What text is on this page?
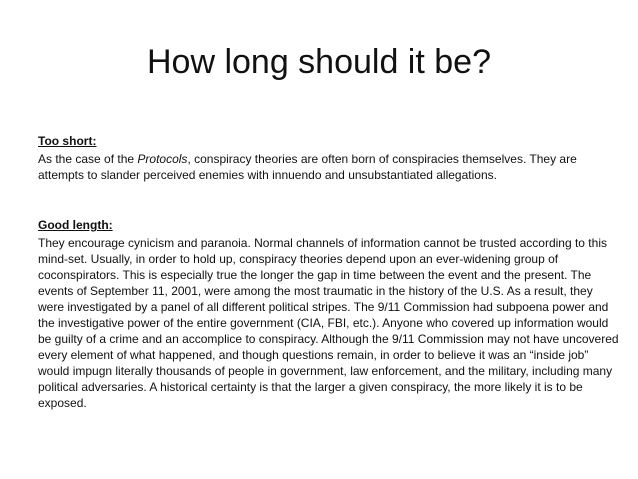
How long should it be?

Too short:

As the case of the Protocols, conspiracy theories are often born of conspiracies themselves. They are attempts to slander perceived enemies with innuendo and unsubstantiated allegations.

Good length:

They encourage cynicism and paranoia. Normal channels of information cannot be trusted according to this mind-set. Usually, in order to hold up, conspiracy theories depend upon an ever-widening group of coconspirators. This is especially true the longer the gap in time between the event and the present. The events of September 11, 2001, were among the most traumatic in the history of the U.S. As a result, they were investigated by a panel of all different political stripes. The 9/11 Commission had subpoena power and the investigative power of the entire government (CIA, FBI, etc.). Anyone who covered up information would be guilty of a crime and an accomplice to conspiracy. Although the 9/11 Commission may not have uncovered every element of what happened, and though questions remain, in order to believe it was an “inside job” would impugn literally thousands of people in government, law enforcement, and the military, including many political adversaries. A historical certainty is that the larger a given conspiracy, the more likely it is to be exposed.
